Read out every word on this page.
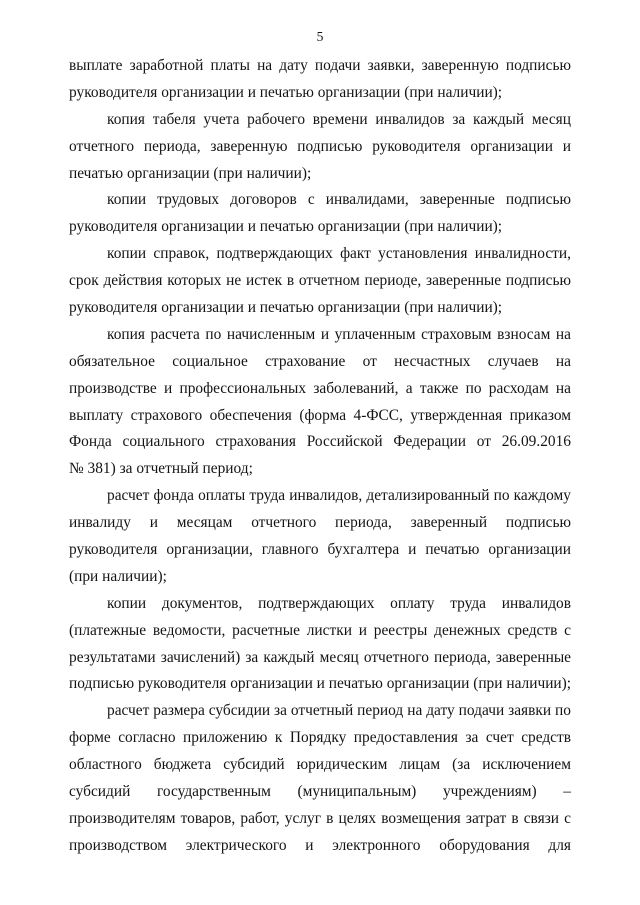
5
выплате заработной платы на дату подачи заявки, заверенную подписью
руководителя организации и печатью организации (при наличии);
копия табеля учета рабочего времени инвалидов за каждый месяц
отчетного периода, заверенную подписью руководителя организации и
печатью организации (при наличии);
копии трудовых договоров с инвалидами, заверенные подписью
руководителя организации и печатью организации (при наличии);
копии справок, подтверждающих факт установления инвалидности,
срок действия которых не истек в отчетном периоде, заверенные подписью
руководителя организации и печатью организации (при наличии);
копия расчета по начисленным и уплаченным страховым взносам на
обязательное социальное страхование от несчастных случаев на
производстве и профессиональных заболеваний, а также по расходам на
выплату страхового обеспечения (форма 4-ФСС, утвержденная приказом
Фонда социального страхования Российской Федерации от 26.09.2016
№ 381) за отчетный период;
расчет фонда оплаты труда инвалидов, детализированный по каждому
инвалиду и месяцам отчетного периода, заверенный подписью
руководителя организации, главного бухгалтера и печатью организации
(при наличии);
копии документов, подтверждающих оплату труда инвалидов
(платежные ведомости, расчетные листки и реестры денежных средств с
результатами зачислений) за каждый месяц отчетного периода, заверенные
подписью руководителя организации и печатью организации (при наличии);
расчет размера субсидии за отчетный период на дату подачи заявки по
форме согласно приложению к Порядку предоставления за счет средств
областного бюджета субсидий юридическим лицам (за исключением
субсидий государственным (муниципальным) учреждениям) –
производителям товаров, работ, услуг в целях возмещения затрат в связи с
производством электрического и электронного оборудования для
